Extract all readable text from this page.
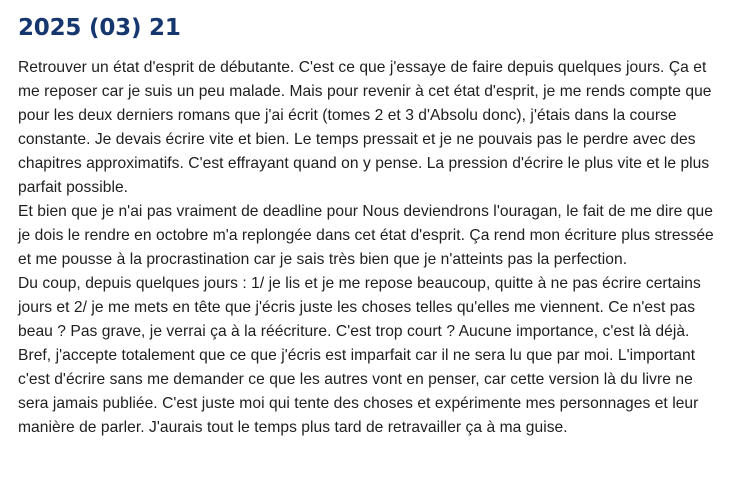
2025 (03) 21

Retrouver un état d'esprit de débutante. C'est ce que j'essaye de faire depuis quelques jours. Ça et me reposer car je suis un peu malade. Mais pour revenir à cet état d'esprit, je me rends compte que pour les deux derniers romans que j'ai écrit (tomes 2 et 3 d'Absolu donc), j'étais dans la course constante. Je devais écrire vite et bien. Le temps pressait et je ne pouvais pas le perdre avec des chapitres approximatifs. C'est effrayant quand on y pense. La pression d'écrire le plus vite et le plus parfait possible.

Et bien que je n'ai pas vraiment de deadline pour Nous deviendrons l'ouragan, le fait de me dire que je dois le rendre en octobre m'a replongée dans cet état d'esprit. Ça rend mon écriture plus stressée et me pousse à la procrastination car je sais très bien que je n'atteints pas la perfection.

Du coup, depuis quelques jours : 1/ je lis et je me repose beaucoup, quitte à ne pas écrire certains jours et 2/ je me mets en tête que j'écris juste les choses telles qu'elles me viennent. Ce n'est pas beau ? Pas grave, je verrai ça à la réécriture. C'est trop court ? Aucune importance, c'est là déjà. Bref, j'accepte totalement que ce que j'écris est imparfait car il ne sera lu que par moi. L'important c'est d'écrire sans me demander ce que les autres vont en penser, car cette version là du livre ne sera jamais publiée. C'est juste moi qui tente des choses et expérimente mes personnages et leur manière de parler. J'aurais tout le temps plus tard de retravailler ça à ma guise.
